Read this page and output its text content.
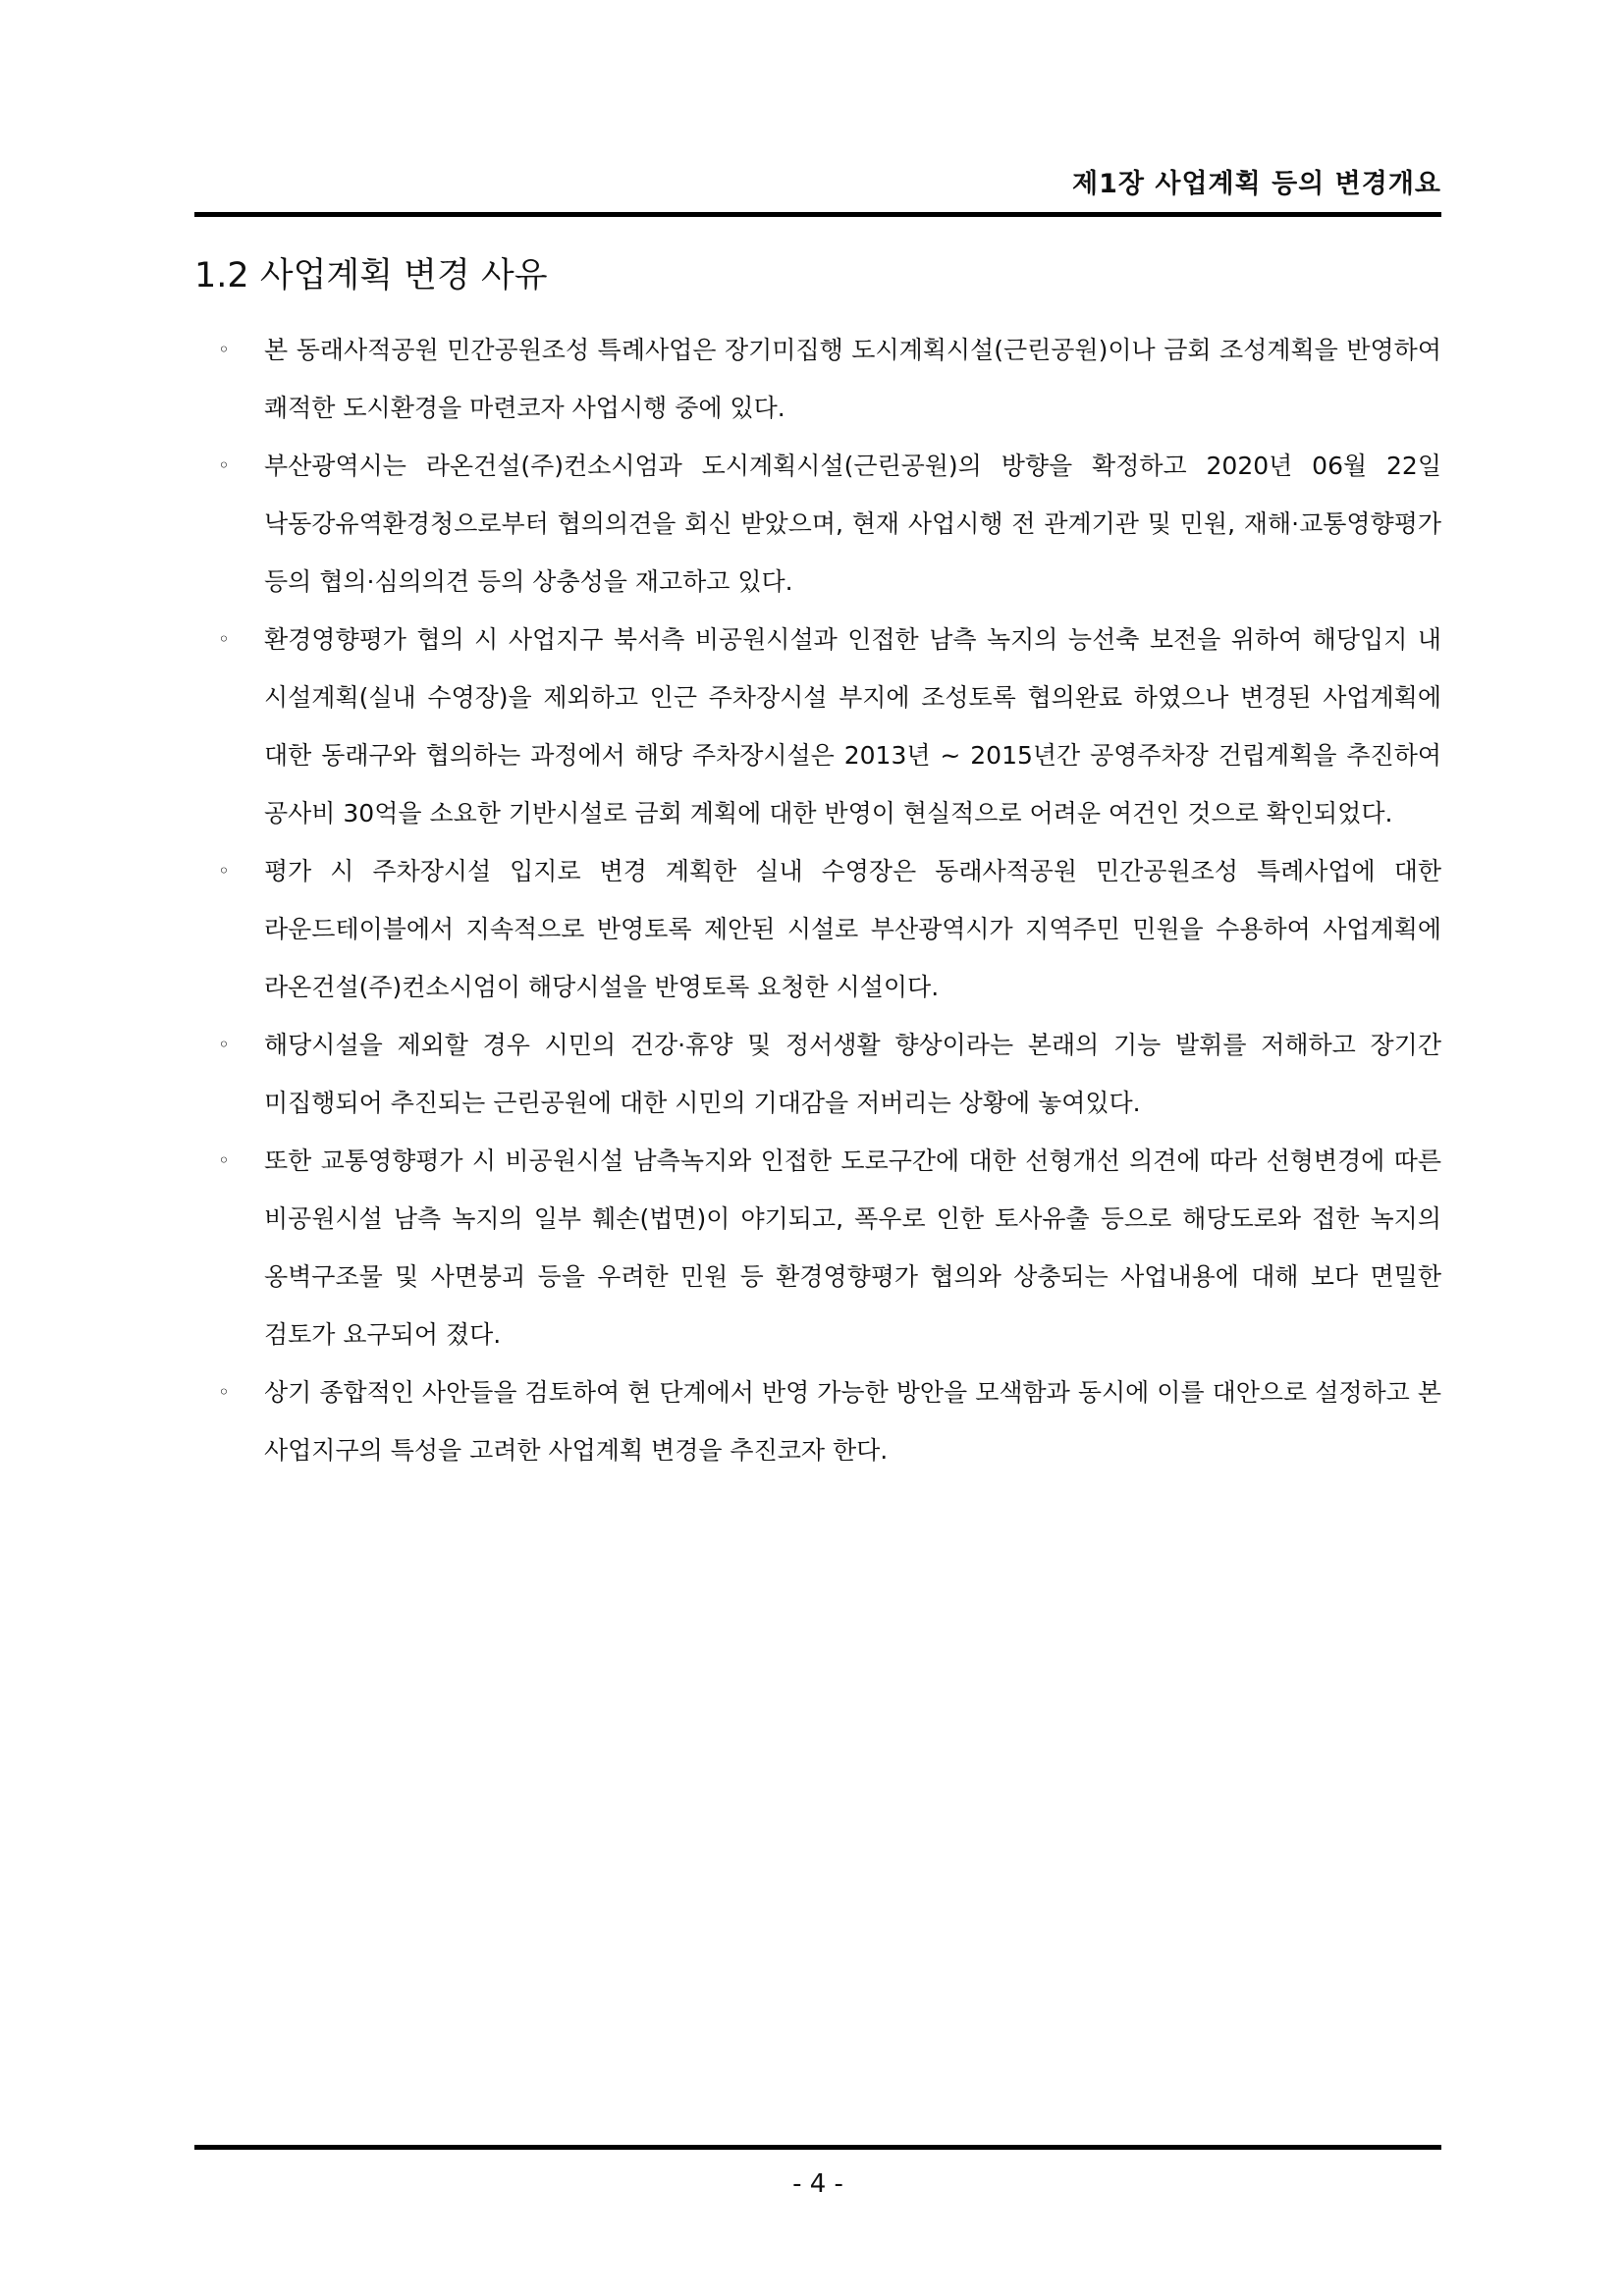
제1장 사업계획 등의 변경개요
1.2 사업계획 변경 사유
◦ 본 동래사적공원 민간공원조성 특례사업은 장기미집행 도시계획시설(근린공원)이나 금회 조성계획을 반영하여 쾌적한 도시환경을 마련코자 사업시행 중에 있다.
◦ 부산광역시는 라온건설(주)컨소시엄과 도시계획시설(근린공원)의 방향을 확정하고 2020년 06월 22일 낙동강유역환경청으로부터 협의의견을 회신 받았으며, 현재 사업시행 전 관계기관 및 민원, 재해·교통영향평가 등의 협의·심의의견 등의 상충성을 재고하고 있다.
◦ 환경영향평가 협의 시 사업지구 북서측 비공원시설과 인접한 남측 녹지의 능선축 보전을 위하여 해당입지 내 시설계획(실내 수영장)을 제외하고 인근 주차장시설 부지에 조성토록 협의완료 하였으나 변경된 사업계획에 대한 동래구와 협의하는 과정에서 해당 주차장시설은 2013년 ~ 2015년간 공영주차장 건립계획을 추진하여 공사비 30억을 소요한 기반시설로 금회 계획에 대한 반영이 현실적으로 어려운 여건인 것으로 확인되었다.
◦ 평가 시 주차장시설 입지로 변경 계획한 실내 수영장은 동래사적공원 민간공원조성 특례사업에 대한 라운드테이블에서 지속적으로 반영토록 제안된 시설로 부산광역시가 지역주민 민원을 수용하여 사업계획에 라온건설(주)컨소시엄이 해당시설을 반영토록 요청한 시설이다.
◦ 해당시설을 제외할 경우 시민의 건강·휴양 및 정서생활 향상이라는 본래의 기능 발휘를 저해하고 장기간 미집행되어 추진되는 근린공원에 대한 시민의 기대감을 저버리는 상황에 놓여있다.
◦ 또한 교통영향평가 시 비공원시설 남측녹지와 인접한 도로구간에 대한 선형개선 의견에 따라 선형변경에 따른 비공원시설 남측 녹지의 일부 훼손(법면)이 야기되고, 폭우로 인한 토사유출 등으로 해당도로와 접한 녹지의 옹벽구조물 및 사면붕괴 등을 우려한 민원 등 환경영향평가 협의와 상충되는 사업내용에 대해 보다 면밀한 검토가 요구되어 졌다.
◦ 상기 종합적인 사안들을 검토하여 현 단계에서 반영 가능한 방안을 모색함과 동시에 이를 대안으로 설정하고 본 사업지구의 특성을 고려한 사업계획 변경을 추진코자 한다.
- 4 -
